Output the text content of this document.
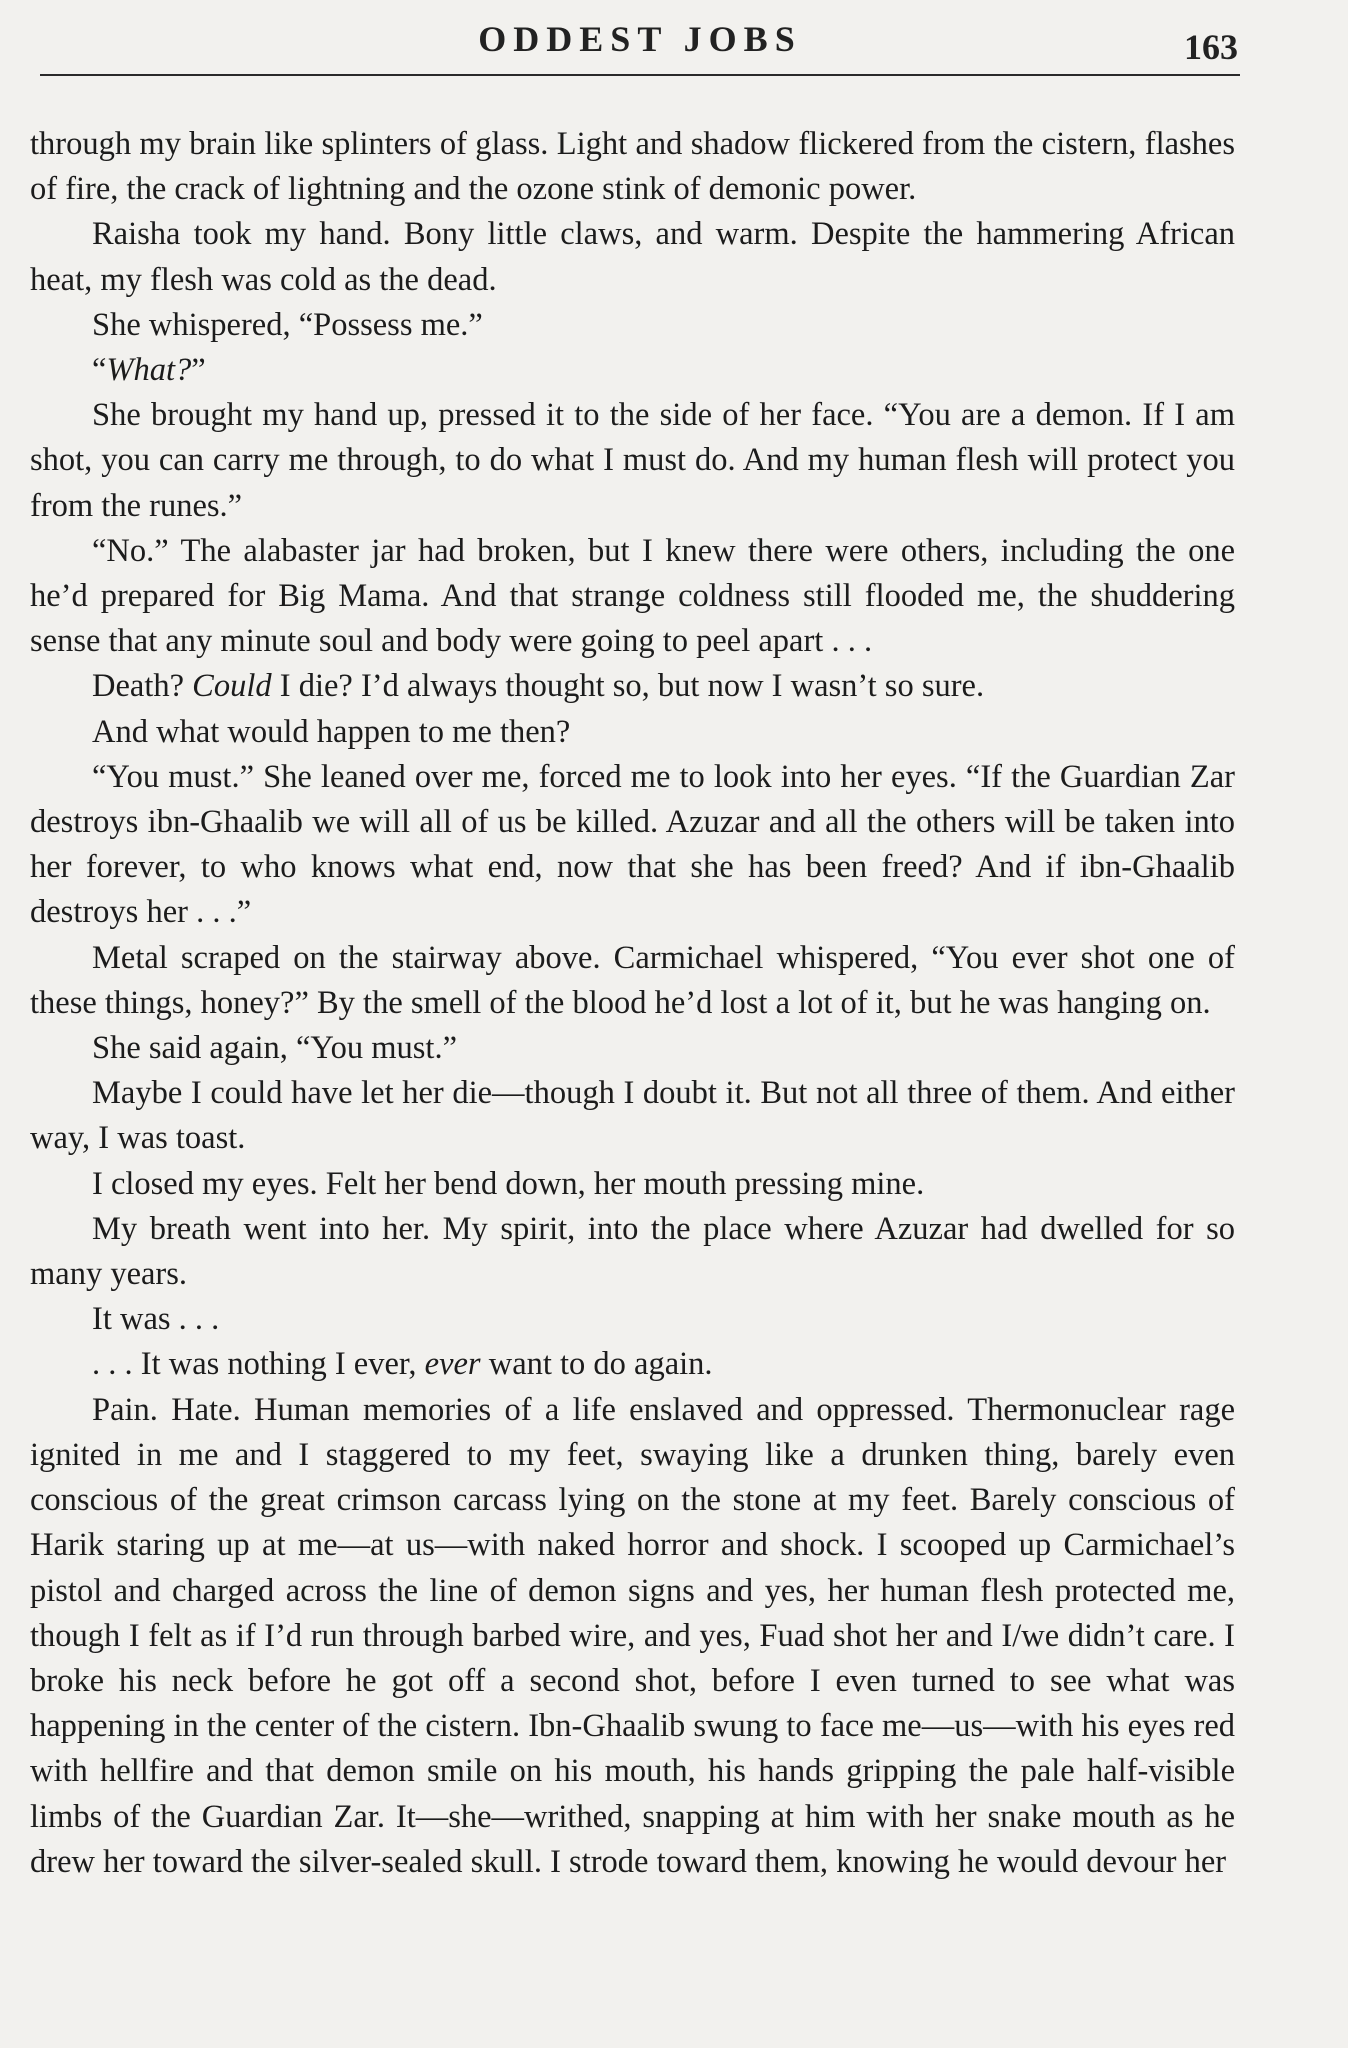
ODDEST JOBS	163

through my brain like splinters of glass. Light and shadow flickered from the cistern, flashes of fire, the crack of lightning and the ozone stink of demonic power.

Raisha took my hand. Bony little claws, and warm. Despite the hammering African heat, my flesh was cold as the dead.

She whispered, “Possess me.”

“What?”

She brought my hand up, pressed it to the side of her face. “You are a demon. If I am shot, you can carry me through, to do what I must do. And my human flesh will protect you from the runes.”

“No.” The alabaster jar had broken, but I knew there were others, including the one he’d prepared for Big Mama. And that strange coldness still flooded me, the shuddering sense that any minute soul and body were going to peel apart . . .

Death? Could I die? I’d always thought so, but now I wasn’t so sure.

And what would happen to me then?

“You must.” She leaned over me, forced me to look into her eyes. “If the Guardian Zar destroys ibn-Ghaalib we will all of us be killed. Azuzar and all the others will be taken into her forever, to who knows what end, now that she has been freed? And if ibn-Ghaalib destroys her . . .”

Metal scraped on the stairway above. Carmichael whispered, “You ever shot one of these things, honey?” By the smell of the blood he’d lost a lot of it, but he was hanging on.

She said again, “You must.”

Maybe I could have let her die—though I doubt it. But not all three of them. And either way, I was toast.

I closed my eyes. Felt her bend down, her mouth pressing mine.

My breath went into her. My spirit, into the place where Azuzar had dwelled for so many years.

It was . . .

. . . It was nothing I ever, ever want to do again.

Pain. Hate. Human memories of a life enslaved and oppressed. Thermonuclear rage ignited in me and I staggered to my feet, swaying like a drunken thing, barely even conscious of the great crimson carcass lying on the stone at my feet. Barely conscious of Harik staring up at me—at us—with naked horror and shock. I scooped up Carmichael’s pistol and charged across the line of demon signs and yes, her human flesh protected me, though I felt as if I’d run through barbed wire, and yes, Fuad shot her and I/we didn’t care. I broke his neck before he got off a second shot, before I even turned to see what was happening in the center of the cistern. Ibn-Ghaalib swung to face me—us—with his eyes red with hellfire and that demon smile on his mouth, his hands gripping the pale half-visible limbs of the Guardian Zar. It—she—writhed, snapping at him with her snake mouth as he drew her toward the silver-sealed skull. I strode toward them, knowing he would devour her
